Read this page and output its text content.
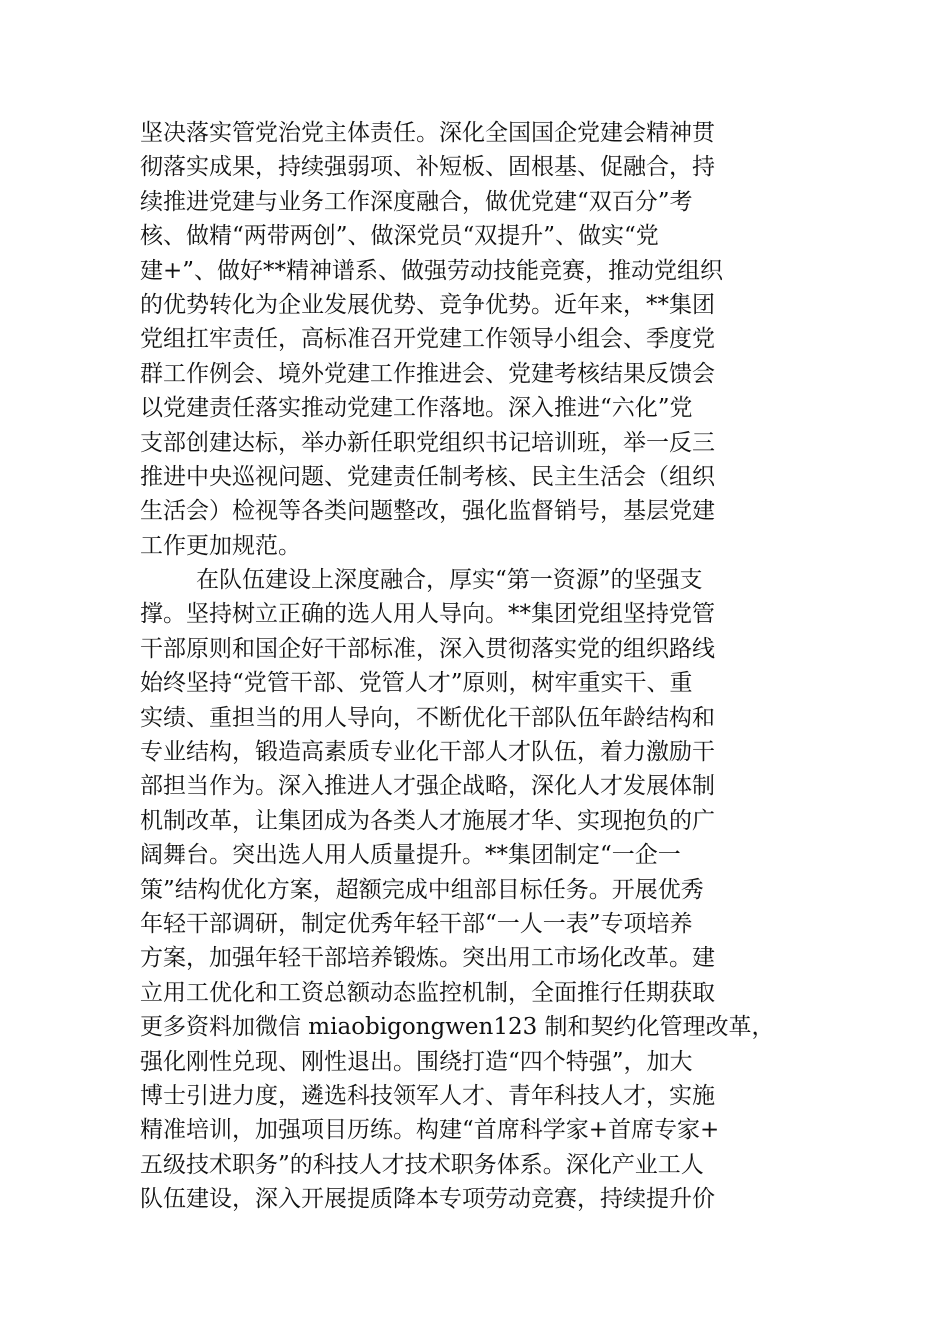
坚决落实管党治党主体责任。深化全国国企党建会精神贯
彻落实成果，持续强弱项、补短板、固根基、促融合，持
续推进党建与业务工作深度融合，做优党建“双百分”考
核、做精“两带两创”、做深党员“双提升”、做实“党
建+”、做好**精神谱系、做强劳动技能竞赛，推动党组织
的优势转化为企业发展优势、竞争优势。近年来，**集团
党组扛牢责任，高标准召开党建工作领导小组会、季度党
群工作例会、境外党建工作推进会、党建考核结果反馈会
以党建责任落实推动党建工作落地。深入推进“六化”党
支部创建达标，举办新任职党组织书记培训班，举一反三
推进中央巡视问题、党建责任制考核、民主生活会（组织
生活会）检视等各类问题整改，强化监督销号，基层党建
工作更加规范。
在队伍建设上深度融合，厚实“第一资源”的坚强支
撑。坚持树立正确的选人用人导向。**集团党组坚持党管
干部原则和国企好干部标准，深入贯彻落实党的组织路线
始终坚持“党管干部、党管人才”原则，树牢重实干、重
实绩、重担当的用人导向，不断优化干部队伍年龄结构和
专业结构，锻造高素质专业化干部人才队伍，着力激励干
部担当作为。深入推进人才强企战略，深化人才发展体制
机制改革，让集团成为各类人才施展才华、实现抱负的广
阔舞台。突出选人用人质量提升。**集团制定“一企一
策”结构优化方案，超额完成中组部目标任务。开展优秀
年轻干部调研，制定优秀年轻干部“一人一表”专项培养
方案，加强年轻干部培养锻炼。突出用工市场化改革。建
立用工优化和工资总额动态监控机制，全面推行任期获取
更多资料加微信 miaobigongwen123 制和契约化管理改革，
强化刚性兑现、刚性退出。围绕打造“四个特强”，加大
博士引进力度，遴选科技领军人才、青年科技人才，实施
精准培训，加强项目历练。构建“首席科学家+首席专家+
五级技术职务”的科技人才技术职务体系。深化产业工人
队伍建设，深入开展提质降本专项劳动竞赛，持续提升价
